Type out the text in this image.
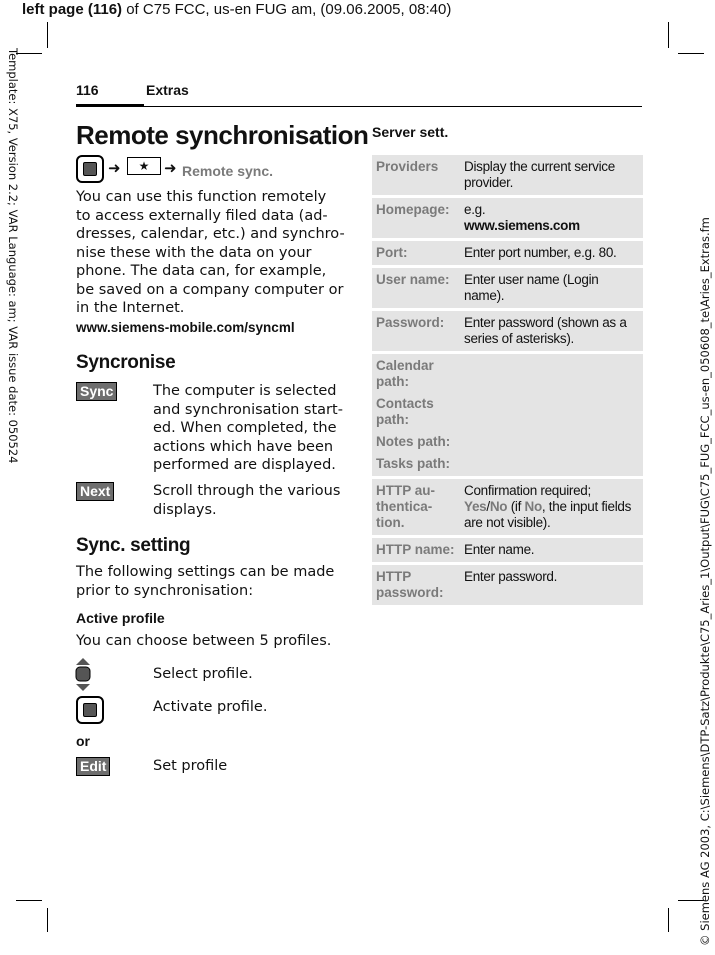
left page (116) of C75 FCC, us-en FUG am, (09.06.2005, 08:40)
Template: X75, Version 2.2; VAR Language: am; VAR issue date: 050524	© Siemens AG 2003, C:\Siemens\DTP-Satz\Produkte\C75_Aries_1\Output\FUG\C75_FUG_FCC_us-en_050608_te\Aries_Extras.fm
116	Extras
Remote synchronisation
➜	★ ➜ Remote sync.
You can use this function remotely
to access externally filed data (ad-
dresses, calendar, etc.) and synchro-
nise these with the data on your
phone. The data can, for example,
be saved on a company computer or
in the Internet.
www.siemens-mobile.com/syncml
Syncronise
Sync	The computer is selected
and synchronisation start-
ed. When completed, the
actions which have been
performed are displayed.
Next	Scroll through the various
displays.
Sync. setting
The following settings can be made
prior to synchronisation:
Active profile
You can choose between 5 profiles.
Select profile.
Activate profile.
or
Edit	Set profile
Server sett.
Providers	Display the current service provider.
Homepage:	e.g.
www.siemens.com

Port:	Enter port number, e.g. 80.
User name:	Enter user name (Login name).
Password:	Enter password (shown as a series of asterisks).

Calendar path:
Contacts path:
Notes path:
Tasks path:	

HTTP au-thentica-tion.	Confirmation required;
Yes/No (if No, the input fields are not visible).
HTTP name:	Enter name.
HTTP password:	Enter password.
